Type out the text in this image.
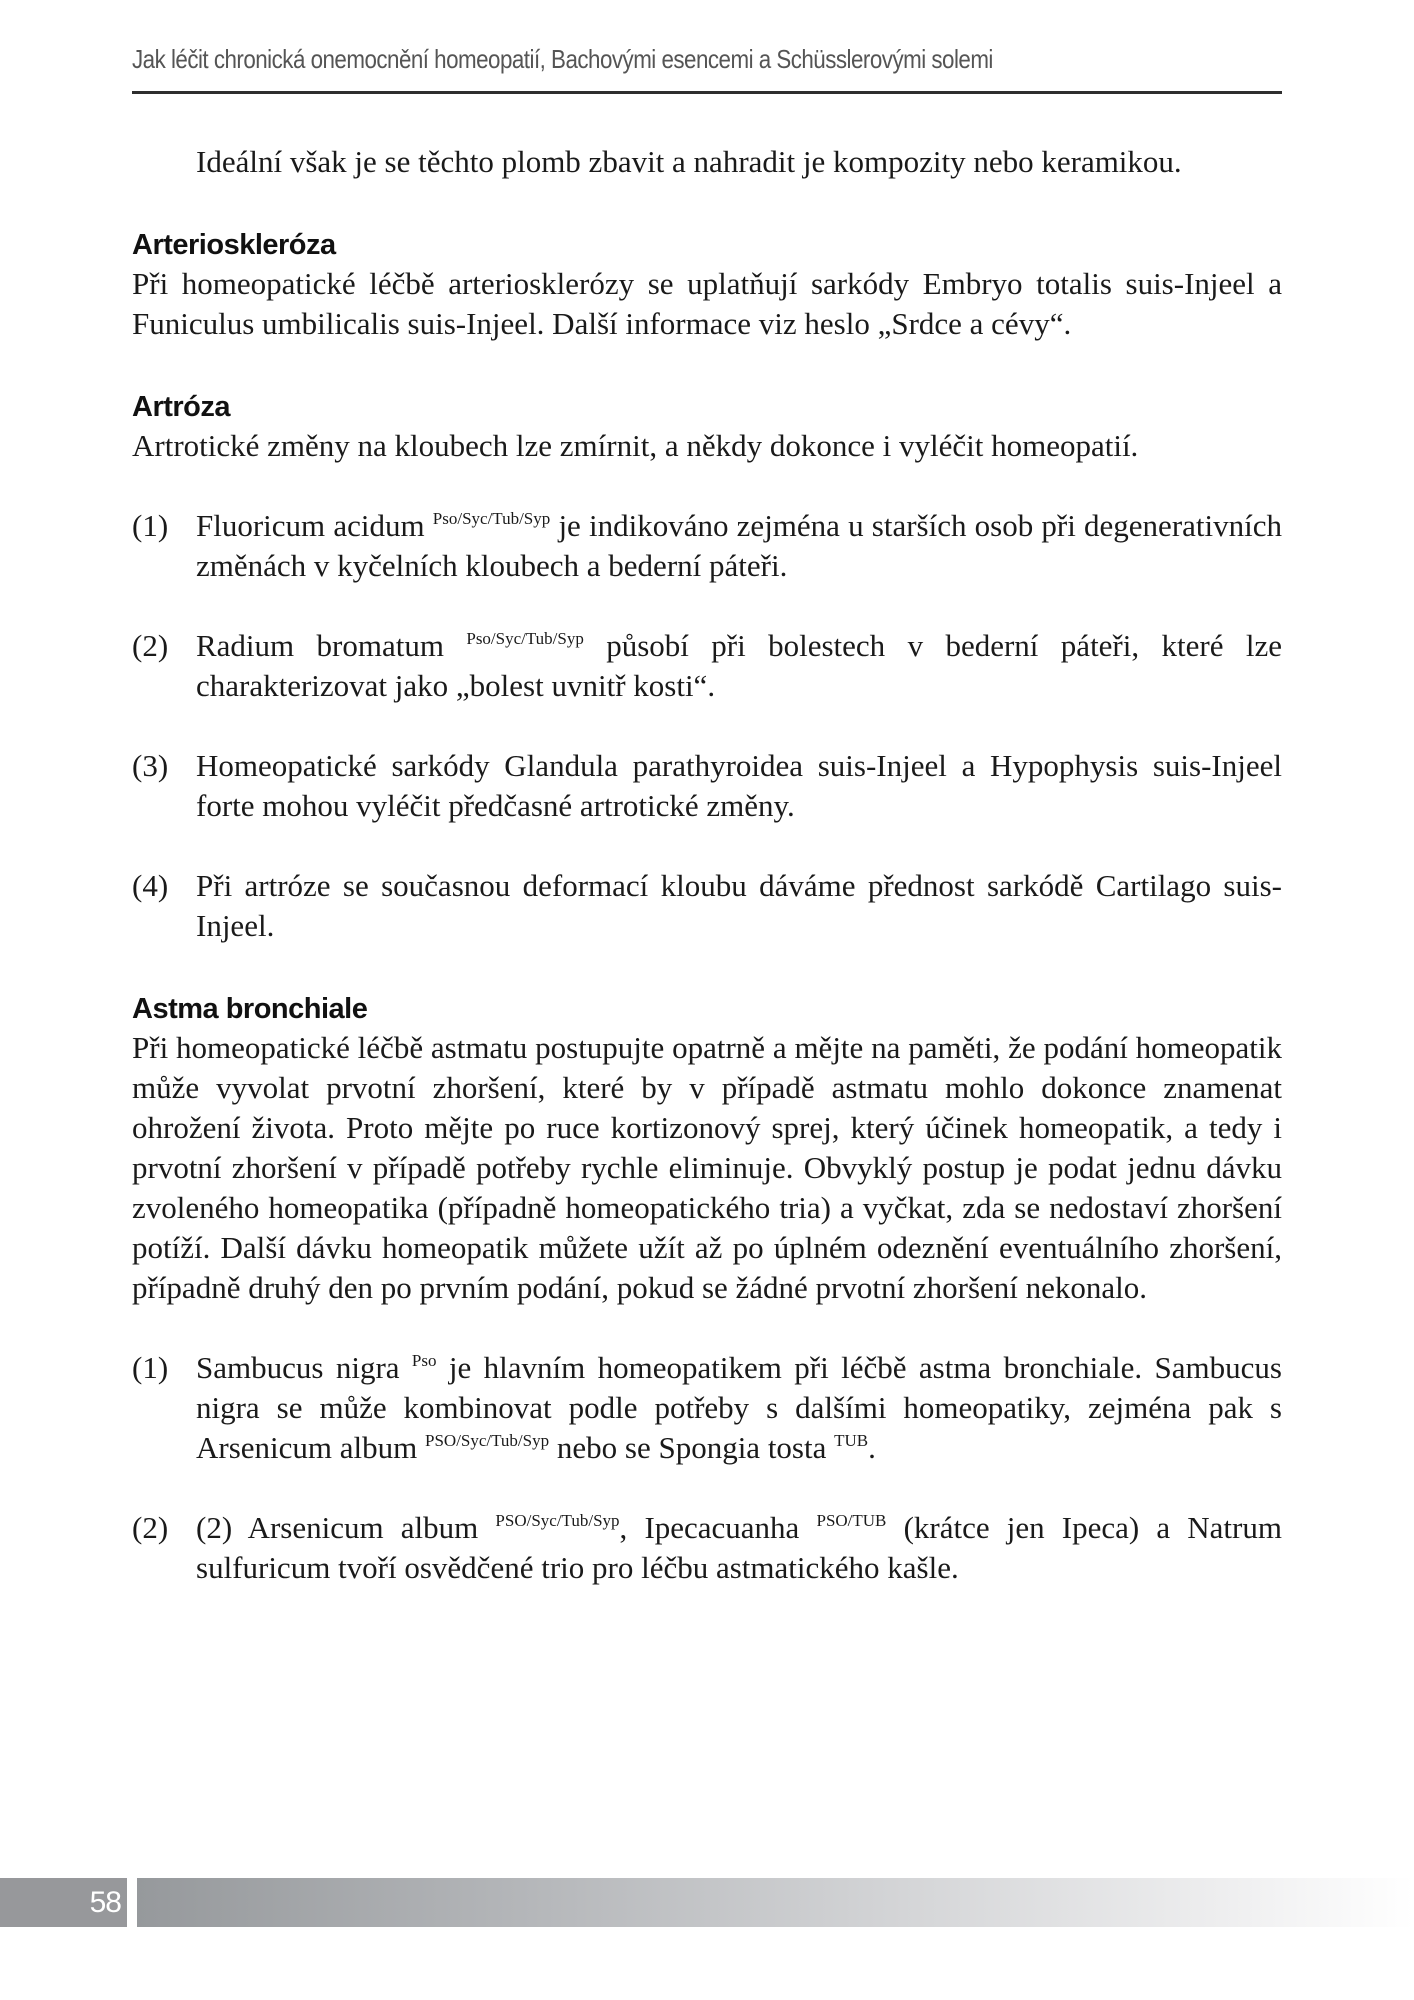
Jak léčit chronická onemocnění homeopatií, Bachovými esencemi a Schüsslerovými solemi

Ideální však je se těchto plomb zbavit a nahradit je kompozity nebo keramikou.

Arterioskleróza

Při homeopatické léčbě arteriosklerózy se uplatňují sarkódy Embryo totalis suis-Injeel a Funiculus umbilicalis suis-Injeel. Další informace viz heslo „Srdce a cévy“.

Artróza

Artrotické změny na kloubech lze zmírnit, a někdy dokonce i vyléčit homeopatií.

(1) Fluoricum acidum $^{Pso/Syc/Tub/Syp}$ je indikováno zejména u starších osob při degenerativních změnách v kyčelních kloubech a bederní páteři.

(2) Radium bromatum $^{Pso/Syc/Tub/Syp}$ působí při bolestech v bederní páteři, které lze charakterizovat jako „bolest uvnitř kosti“.

(3) Homeopatické sarkódy Glandula parathyroidea suis-Injeel a Hypophysis suis-Injeel forte mohou vyléčit předčasné artrotické změny.

(4) Při artróze se současnou deformací kloubu dáváme přednost sarkódě Cartilago suis-Injeel.

Astma bronchiale

Při homeopatické léčbě astmatu postupujte opatrně a mějte na paměti, že podání homeopatik může vyvolat prvotní zhoršení, které by v případě astmatu mohlo dokonce znamenat ohrožení života. Proto mějte po ruce kortizonový sprej, který účinek homeopatik, a tedy i prvotní zhoršení v případě potřeby rychle eliminuje. Obvyklý postup je podat jednu dávku zvoleného homeopatika (případně homeopatického tria) a vyčkat, zda se nedostaví zhoršení potíží. Další dávku homeopatik můžete užít až po úplném odeznění eventuálního zhoršení, případně druhý den po prvním podání, pokud se žádné prvotní zhoršení nekonalo.

(1) Sambucus nigra $^{Pso}$ je hlavním homeopatikem při léčbě astma bronchiale. Sambucus nigra se může kombinovat podle potřeby s dalšími homeopatiky, zejména pak s Arsenicum album $^{PSO/Syc/Tub/Syp}$ nebo se Spongia tosta $^{TUB}$.

(2) (2) Arsenicum album $^{PSO/Syc/Tub/Syp}$, Ipecacuanha $^{PSO/TUB}$ (krátce jen Ipeca) a Natrum sulfuricum tvoří osvědčené trio pro léčbu astmatického kašle.

58
